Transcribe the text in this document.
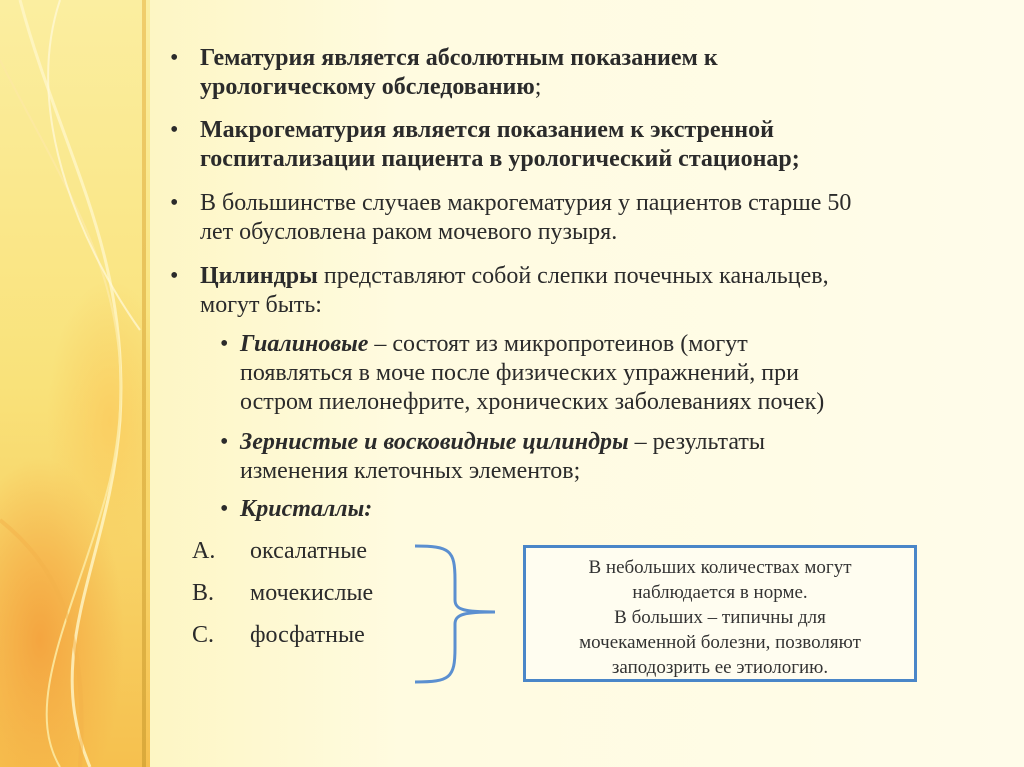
• Гематурия является абсолютным показанием к
урологическому обследованию;
• Макрогематурия является показанием к экстренной
госпитализации пациента в урологический стационар;
• В большинстве случаев макрогематурия у пациентов старше 50
лет обусловлена раком мочевого пузыря.
• Цилиндры представляют собой слепки почечных канальцев,
могут быть:
• Гиалиновые – состоят из микропротеинов (могут
появляться в моче после физических упражнений, при
остром пиелонефрите, хронических заболеваниях почек)
• Зернистые и восковидные цилиндры – результаты
изменения клеточных элементов;
• Кристаллы:
A. оксалатные
B. мочекислые
C. фосфатные
В небольших количествах могут
наблюдается в норме.
В больших – типичны для
мочекаменной болезни, позволяют
заподозрить ее этиологию.
